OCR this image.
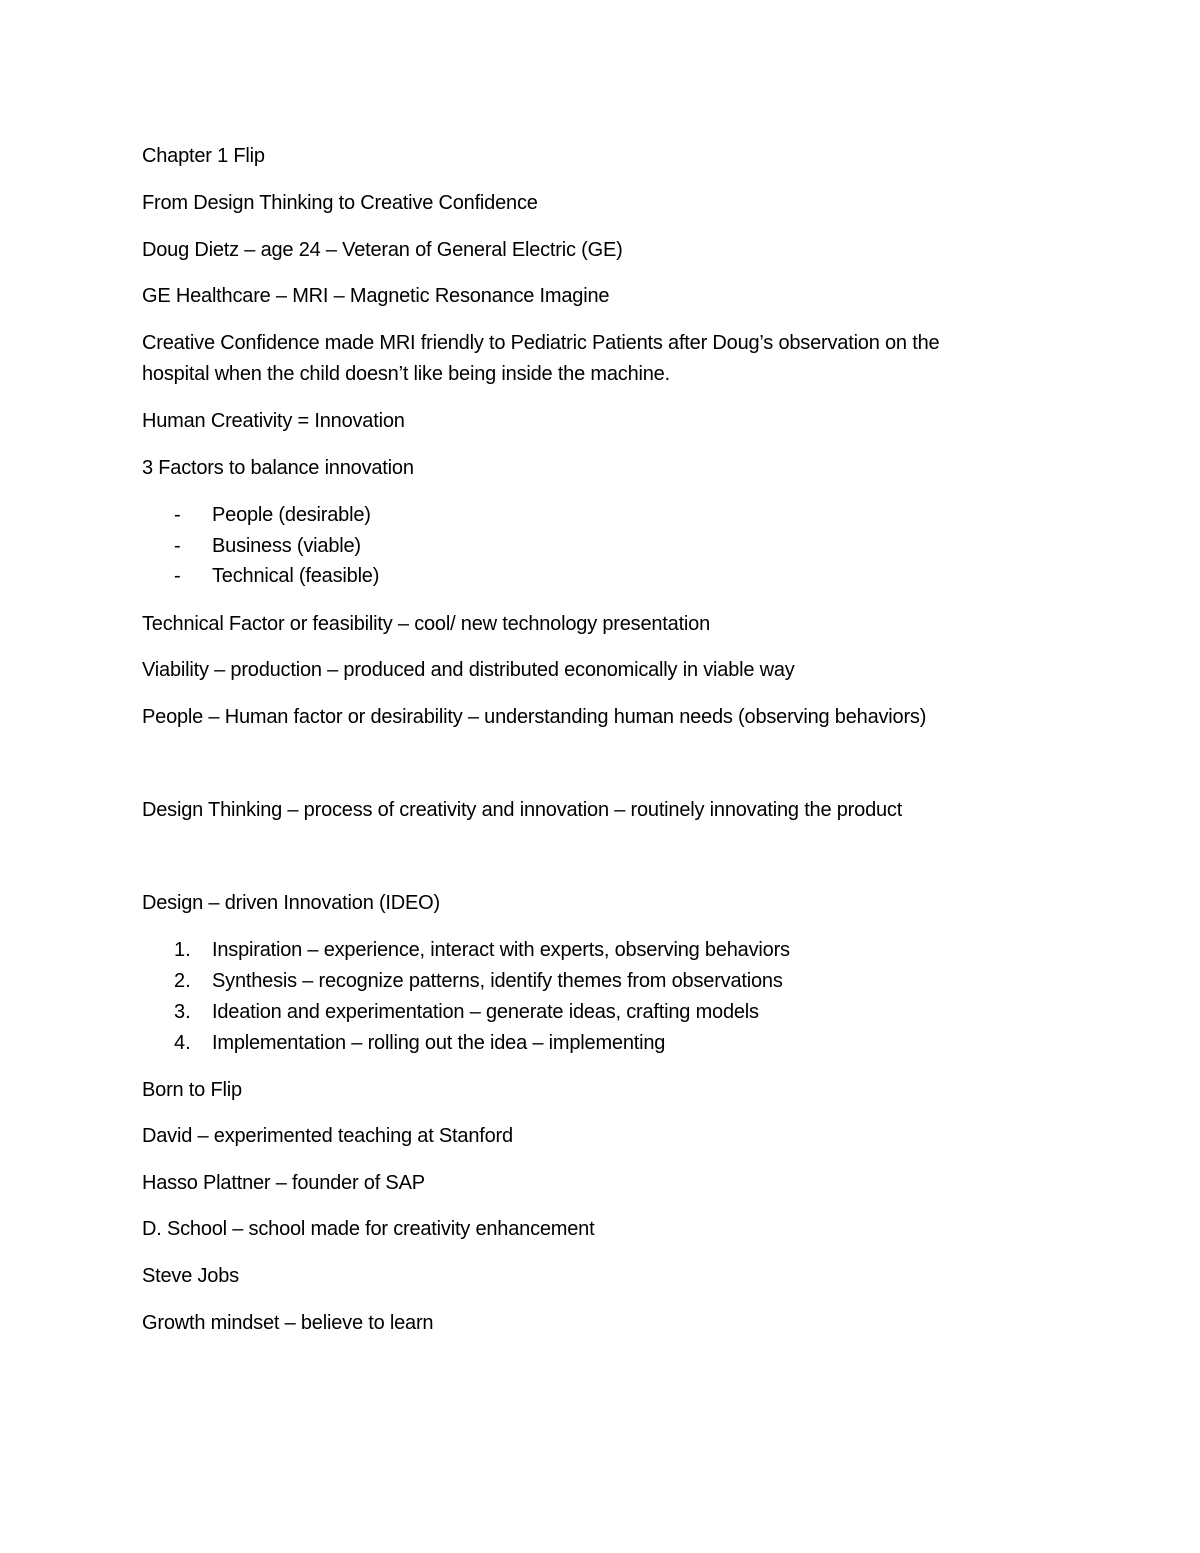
Chapter 1 Flip
From Design Thinking to Creative Confidence
Doug Dietz – age 24 – Veteran of General Electric (GE)
GE Healthcare – MRI – Magnetic Resonance Imagine
Creative Confidence made MRI friendly to Pediatric Patients after Doug’s observation on the
hospital when the child doesn’t like being inside the machine.
Human Creativity = Innovation
3 Factors to balance innovation
- People (desirable)
- Business (viable)
- Technical (feasible)
Technical Factor or feasibility – cool/ new technology presentation
Viability – production – produced and distributed economically in viable way
People – Human factor or desirability – understanding human needs (observing behaviors)
Design Thinking – process of creativity and innovation – routinely innovating the product
Design – driven Innovation (IDEO)
1. Inspiration – experience, interact with experts, observing behaviors
2. Synthesis – recognize patterns, identify themes from observations
3. Ideation and experimentation – generate ideas, crafting models
4. Implementation – rolling out the idea – implementing
Born to Flip
David – experimented teaching at Stanford
Hasso Plattner – founder of SAP
D. School – school made for creativity enhancement
Steve Jobs
Growth mindset – believe to learn
